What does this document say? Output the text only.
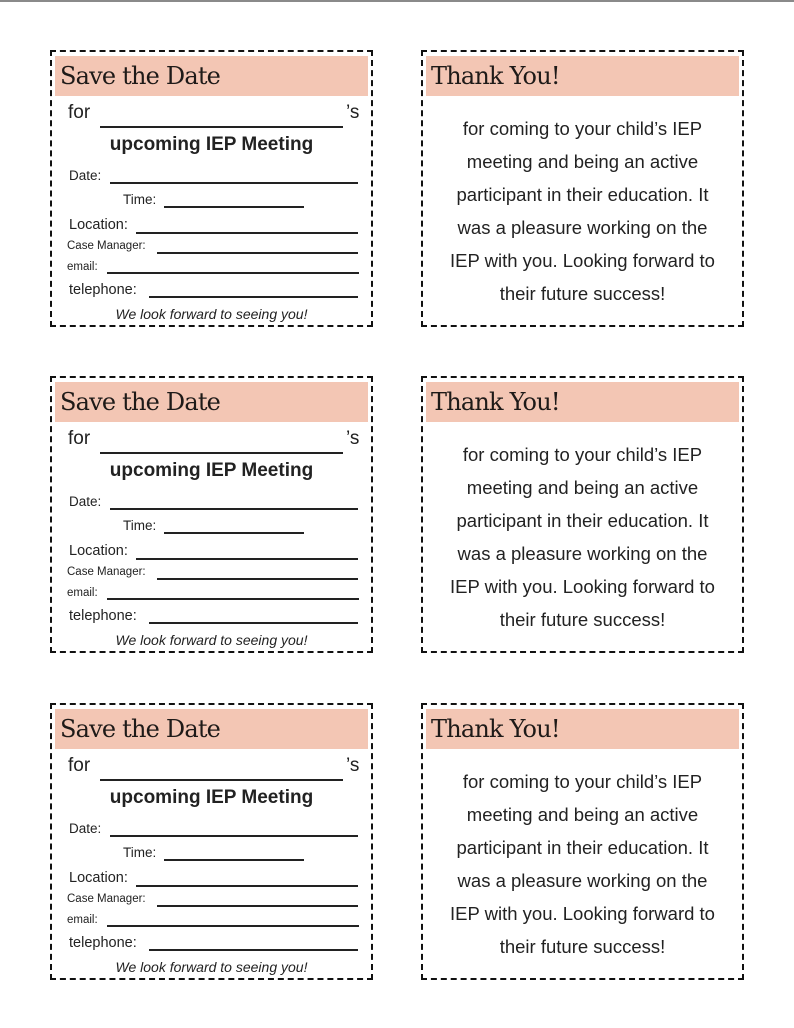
Save the Date
for	’s
upcoming IEP Meeting
Date:
Time:
Location:
Case Manager:
email:
telephone:
We look forward to seeing you!
Thank You!
for coming to your child’s IEP
meeting and being an active
participant in their education. It
was a pleasure working on the
IEP with you. Looking forward to
their future success!
Save the Date
for	’s
upcoming IEP Meeting
Date:
Time:
Location:
Case Manager:
email:
telephone:
We look forward to seeing you!
Thank You!
for coming to your child’s IEP
meeting and being an active
participant in their education. It
was a pleasure working on the
IEP with you. Looking forward to
their future success!
Save the Date
for	’s
upcoming IEP Meeting
Date:
Time:
Location:
Case Manager:
email:
telephone:
We look forward to seeing you!
Thank You!
for coming to your child’s IEP
meeting and being an active
participant in their education. It
was a pleasure working on the
IEP with you. Looking forward to
their future success!
